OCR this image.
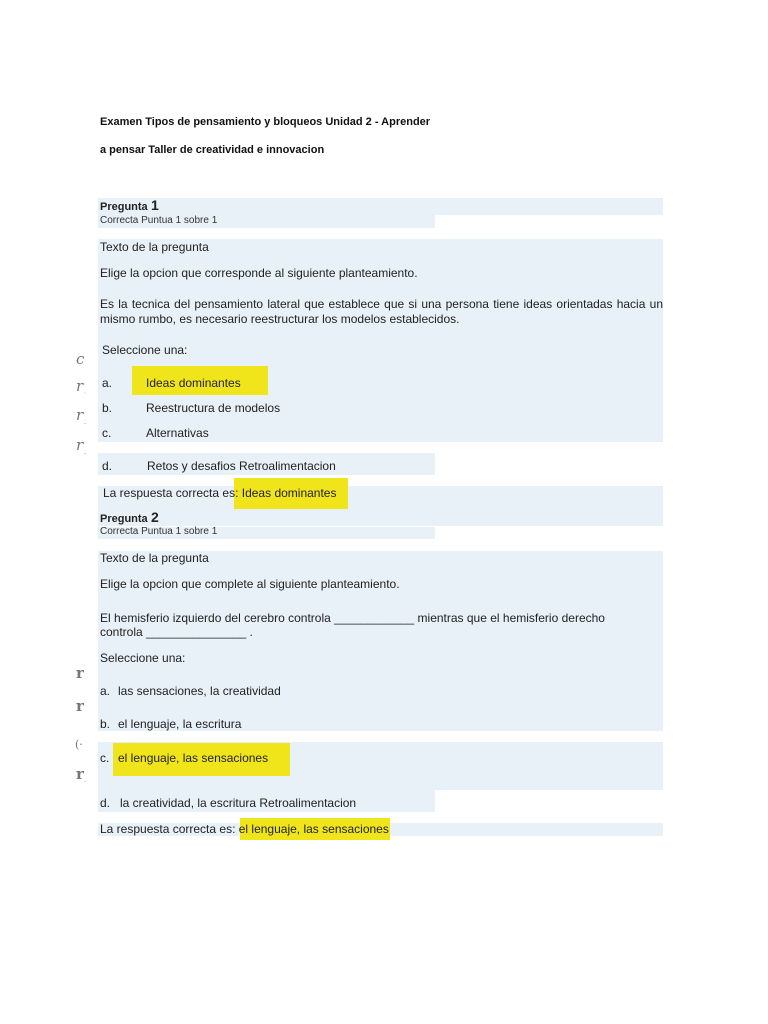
Examen Tipos de pensamiento y bloqueos Unidad 2 - Aprender
a pensar Taller de creatividad e innovacion
Pregunta 1
Correcta Puntua 1 sobre 1
Texto de la pregunta
Elige la opcion que corresponde al siguiente planteamiento.
Es la tecnica del pensamiento lateral que establece que si una persona tiene ideas orientadas hacia un mismo rumbo, es necesario reestructurar los modelos establecidos.
Seleccione una:
a.	Ideas dominantes
b.	Reestructura de modelos
c.	Alternativas
d.	Retos y desafios Retroalimentacion
La respuesta correcta es: Ideas dominantes
Pregunta 2
Correcta Puntua 1 sobre 1
Texto de la pregunta
Elige la opcion que complete al siguiente planteamiento.
El hemisferio izquierdo del cerebro controla ____________ mientras que el hemisferio derecho
controla _______________ .
Seleccione una:
a. las sensaciones, la creatividad
b. el lenguaje, la escritura
c. el lenguaje, las sensaciones
d. la creatividad, la escritura Retroalimentacion
La respuesta correcta es: el lenguaje, las sensaciones
c
r
˙
r
¨
r
¨
r
r
(·
r
¨
